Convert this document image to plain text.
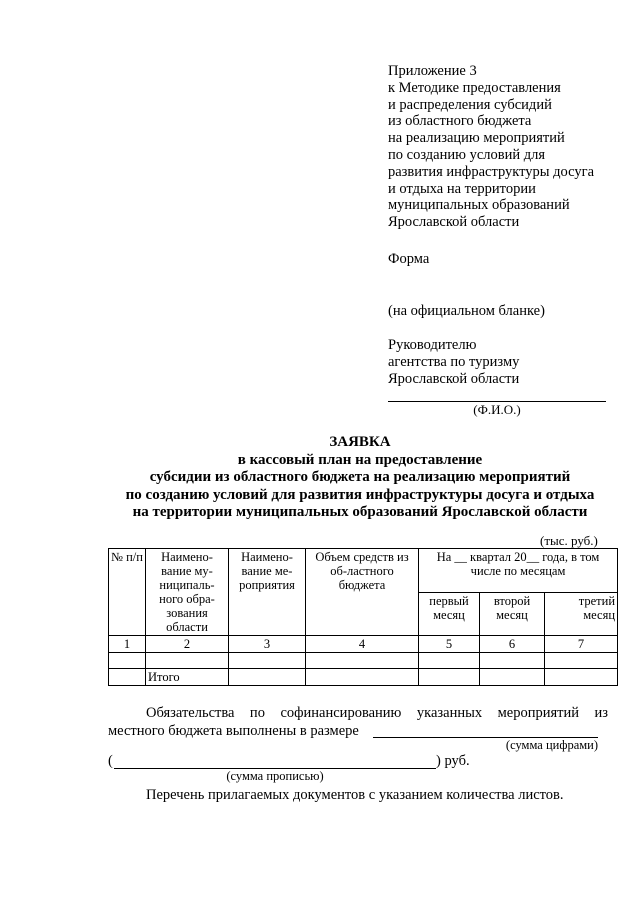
Приложение 3
к Методике предоставления
и распределения субсидий
из областного бюджета
на реализацию мероприятий
по созданию условий для
развития инфраструктуры досуга
и отдыха на территории
муниципальных образований
Ярославской области
Форма
(на официальном бланке)
Руководителю
агентства по туризму
Ярославской области
(Ф.И.О.)
ЗАЯВКА
в кассовый план на предоставление
субсидии из областного бюджета на реализацию мероприятий
по созданию условий для развития инфраструктуры досуга и отдыха
на территории муниципальных образований Ярославской области
(тыс. руб.)
№ п/п	Наимено-вание му-ниципаль-ного обра-зования области	Наимено-вание ме-роприятия	Объем средств из об-ластного бюджета	На __ квартал 20__ года, в том числе по месяцам		
				первый месяц	второй месяц	третий месяц
1	2	3	4	5	6	7

	Итого					
Обязательства по софинансированию указанных мероприятий из
местного бюджета выполнены в размере
(сумма цифрами)
(	) руб.
(сумма прописью)
Перечень прилагаемых документов с указанием количества листов.
